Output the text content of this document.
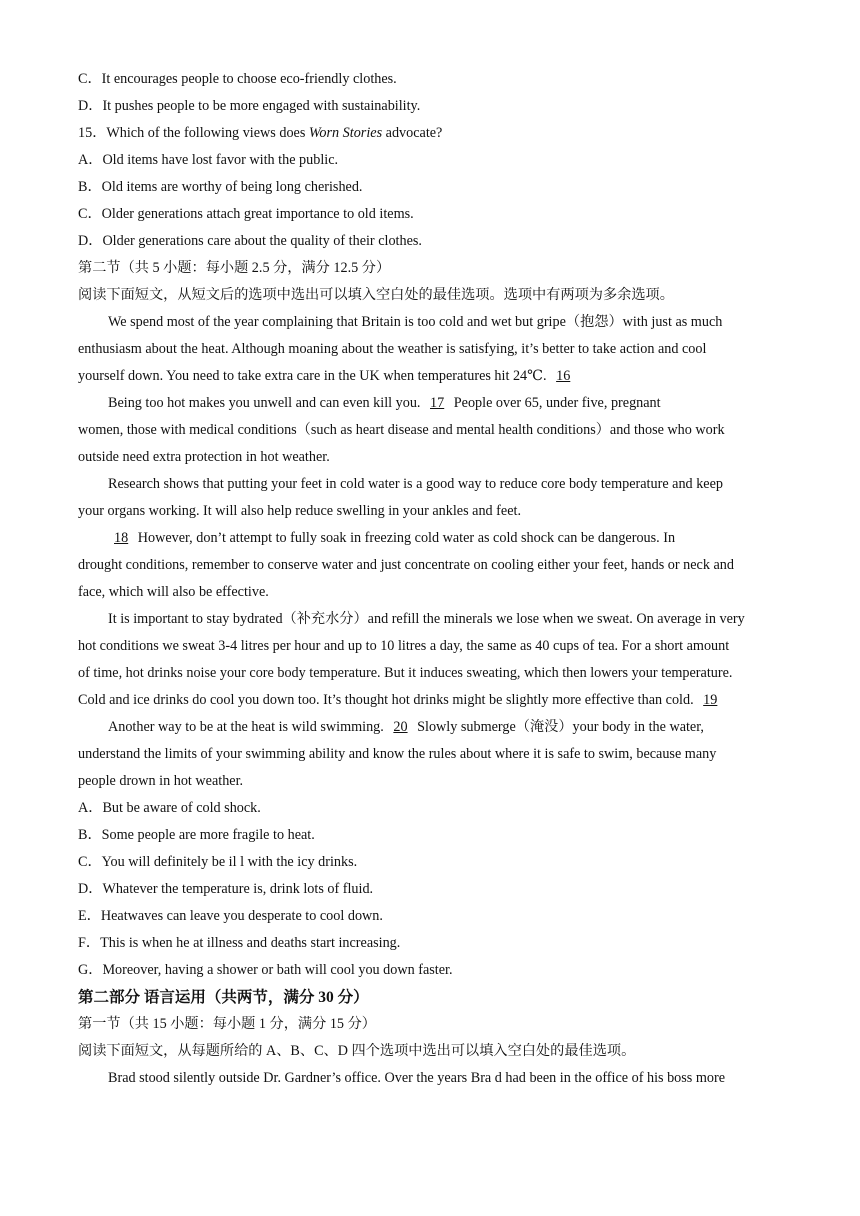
C．It encourages people to choose eco-friendly clothes.
D．It pushes people to be more engaged with sustainability.
15．Which of the following views does Worn Stories advocate?
A．Old items have lost favor with the public.
B．Old items are worthy of being long cherished.
C．Older generations attach great importance to old items.
D．Older generations care about the quality of their clothes.
第二节（共 5 小题：每小题 2.5 分，满分 12.5 分）
阅读下面短文，从短文后的选项中选出可以填入空白处的最佳选项。选项中有两项为多余选项。
We spend most of the year complaining that Britain is too cold and wet but gripe（抱怨）with just as much
enthusiasm about the heat. Although moaning about the weather is satisfying, it’s better to take action and cool
yourself down. You need to take extra care in the UK when temperatures hit 24℃. 16
Being too hot makes you unwell and can even kill you. 17 People over 65, under five, pregnant
women, those with medical conditions（such as heart disease and mental health conditions）and those who work
outside need extra protection in hot weather.
Research shows that putting your feet in cold water is a good way to reduce core body temperature and keep
your organs working. It will also help reduce swelling in your ankles and feet.
18 However, don’t attempt to fully soak in freezing cold water as cold shock can be dangerous. In
drought conditions, remember to conserve water and just concentrate on cooling either your feet, hands or neck and
face, which will also be effective.
It is important to stay bydrated（补充水分）and refill the minerals we lose when we sweat. On average in very
hot conditions we sweat 3-4 litres per hour and up to 10 litres a day, the same as 40 cups of tea. For a short amount
of time, hot drinks noise your core body temperature. But it induces sweating, which then lowers your temperature.
Cold and ice drinks do cool you down too. It’s thought hot drinks might be slightly more effective than cold. 19
Another way to be at the heat is wild swimming. 20 Slowly submerge（淹没）your body in the water,
understand the limits of your swimming ability and know the rules about where it is safe to swim, because many
people drown in hot weather.
A．But be aware of cold shock.
B．Some people are more fragile to heat.
C．You will definitely be il l with the icy drinks.
D．Whatever the temperature is, drink lots of fluid.
E．Heatwaves can leave you desperate to cool down.
F．This is when he at illness and deaths start increasing.
G．Moreover, having a shower or bath will cool you down faster.
第二部分 语言运用（共两节，满分 30 分）
第一节（共 15 小题：每小题 1 分，满分 15 分）
阅读下面短文，从每题所给的 A、B、C、D 四个选项中选出可以填入空白处的最佳选项。
Brad stood silently outside Dr. Gardner’s office. Over the years Bra d had been in the office of his boss more
